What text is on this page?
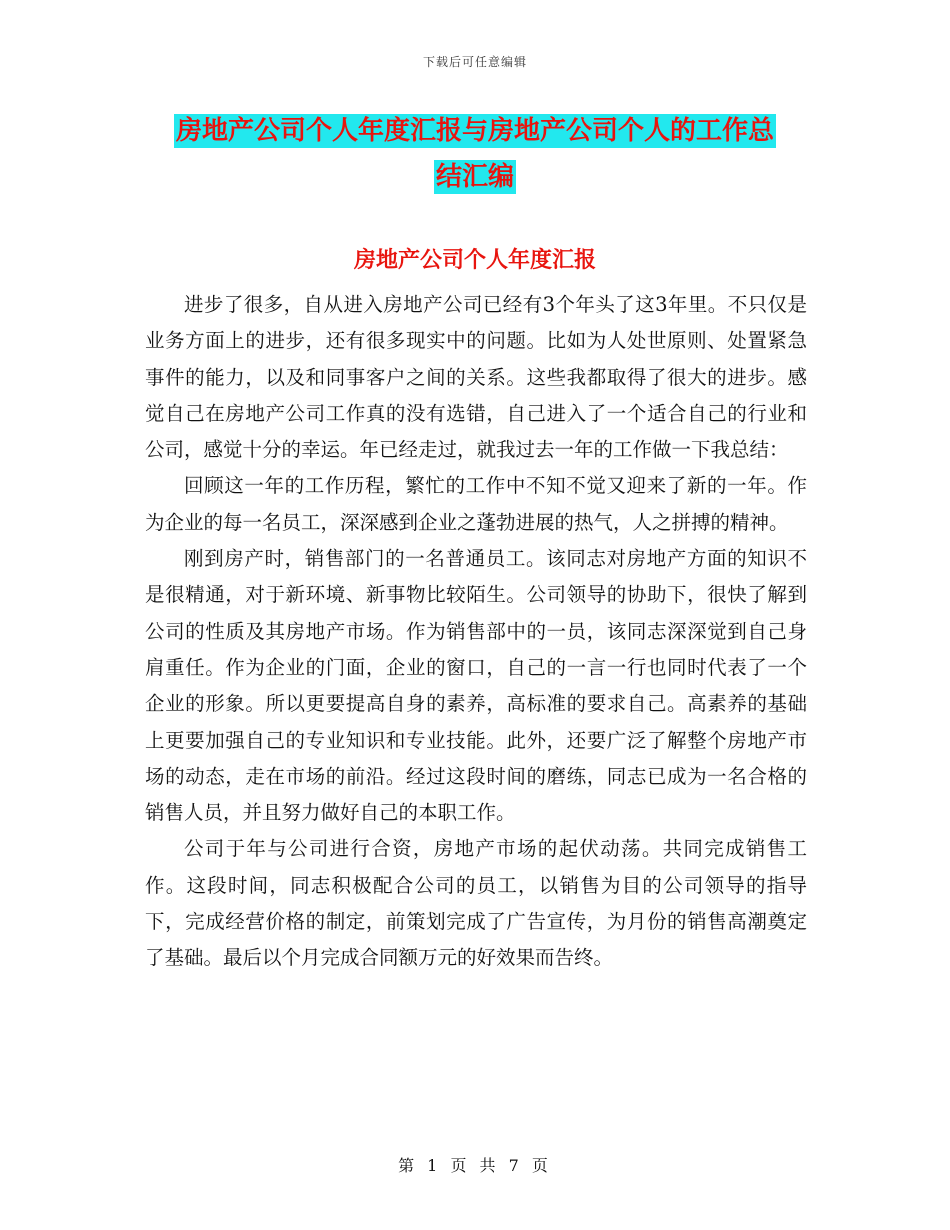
下载后可任意编辑
房地产公司个人年度汇报与房地产公司个人的工作总
结汇编
房地产公司个人年度汇报

进步了很多，自从进入房地产公司已经有3个年头了这3年里。不只仅是业务方面上的进步，还有很多现实中的问题。比如为人处世原则、处置紧急事件的能力，以及和同事客户之间的关系。这些我都取得了很大的进步。感觉自己在房地产公司工作真的没有选错，自己进入了一个适合自己的行业和公司，感觉十分的幸运。年已经走过，就我过去一年的工作做一下我总结：

回顾这一年的工作历程，繁忙的工作中不知不觉又迎来了新的一年。作为企业的每一名员工，深深感到企业之蓬勃进展的热气，人之拼搏的精神。

刚到房产时，销售部门的一名普通员工。该同志对房地产方面的知识不是很精通，对于新环境、新事物比较陌生。公司领导的协助下，很快了解到公司的性质及其房地产市场。作为销售部中的一员，该同志深深觉到自己身肩重任。作为企业的门面，企业的窗口，自己的一言一行也同时代表了一个企业的形象。所以更要提高自身的素养，高标准的要求自己。高素养的基础上更要加强自己的专业知识和专业技能。此外，还要广泛了解整个房地产市场的动态，走在市场的前沿。经过这段时间的磨练，同志已成为一名合格的销售人员，并且努力做好自己的本职工作。

公司于年与公司进行合资，房地产市场的起伏动荡。共同完成销售工作。这段时间，同志积极配合公司的员工，以销售为目的公司领导的指导下，完成经营价格的制定，前策划完成了广告宣传，为月份的销售高潮奠定了基础。最后以个月完成合同额万元的好效果而告终。

第 1 页 共 7 页
